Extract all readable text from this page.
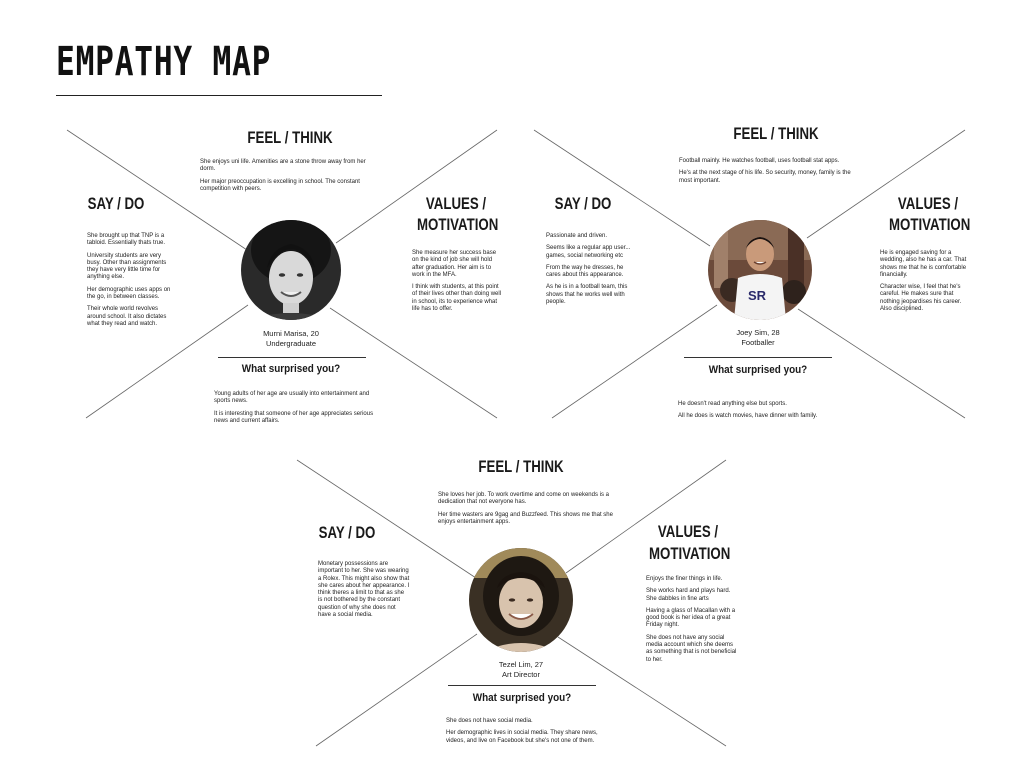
EMPATHY MAP
FEEL / THINK

She enjoys uni life. Amenities are a stone throw away from her dorm.

Her major preoccupation is excelling in school. The constant competition with peers.

SAY / DO

She brought up that TNP is a tabloid. Essentially thats true.

University students are very busy. Other than assignments they have very little time for anything else.

Her demographic uses apps on the go, in between classes.

Their whole world revolves around school. It also dictates what they read and watch.

VALUES /
MOTIVATION

She measure her success base on the kind of job she will hold after graduation. Her aim is to work in the MFA.

I think with students, at this point of their lives other than doing well in school, its to experience what life has to offer.

Murni Marisa, 20
Undergraduate
What surprised you?

Young adults of her age are usually into entertainment and sports news.

It is interesting that someone of her age appreciates serious news and current affairs.

FEEL / THINK

Football mainly. He watches football, uses football stat apps.

He's at the next stage of his life. So security, money, family is the most important.

SAY / DO

Passionate and driven.

Seems like a regular app user... games, social networking etc

From the way he dresses, he cares about this appearance.

As he is in a football team, this shows that he works well with people.

VALUES /
MOTIVATION

He is engaged saving for a wedding, also he has a car. That shows me that he is comfortable financially.

Character wise, I feel that he's careful. He makes sure that nothing jeopardises his career. Also disciplined.

SR
Joey Sim, 28
Footballer
What surprised you?

He doesn't read anything else but sports.

All he does is watch movies, have dinner with family.

FEEL / THINK

She loves her job. To work overtime and come on weekends is a dedication that not everyone has.

Her time wasters are 9gag and Buzzfeed. This shows me that she enjoys entertainment apps.

SAY / DO

Monetary possessions are important to her. She was wearing a Rolex. This might also show that she cares about her appearance. I think theres a limit to that as she is not bothered by the constant question of why she does not have a social media.

VALUES /
MOTIVATION

Enjoys the finer things in life.

She works hard and plays hard. She dabbles in fine arts

Having a glass of Macallan with a good book is her idea of a great Friday night.

She does not have any social media account which she deems as something that is not beneficial to her.

Tezel Lim, 27
Art Director
What surprised you?

She does not have social media.

Her demographic lives in social media. They share news, videos, and live on Facebook but she's not one of them.
